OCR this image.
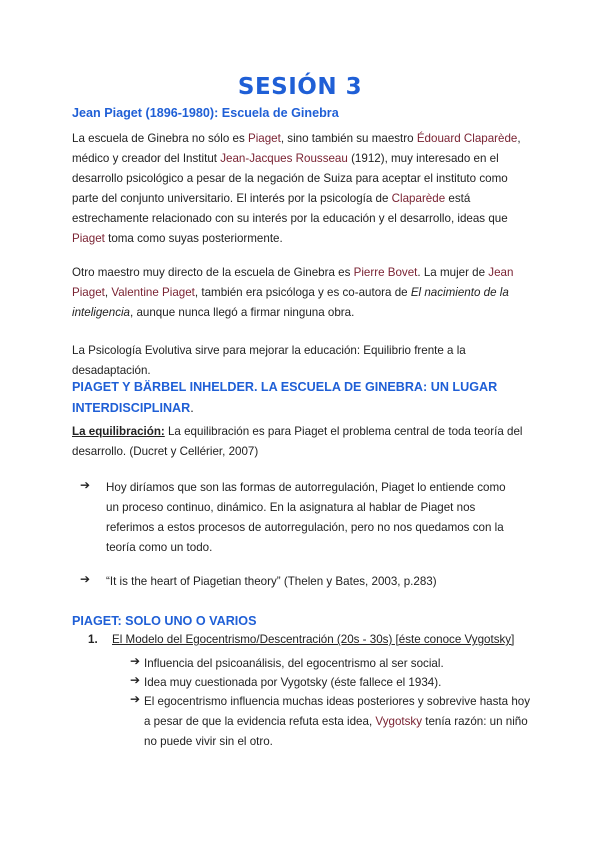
SESIÓN 3
Jean Piaget (1896-1980): Escuela de Ginebra

La escuela de Ginebra no sólo es Piaget, sino también su maestro Édouard Claparède, médico y creador del Institut Jean-Jacques Rousseau (1912), muy interesado en el desarrollo psicológico a pesar de la negación de Suiza para aceptar el instituto como parte del conjunto universitario. El interés por la psicología de Claparède está estrechamente relacionado con su interés por la educación y el desarrollo, ideas que Piaget toma como suyas posteriormente.

Otro maestro muy directo de la escuela de Ginebra es Pierre Bovet. La mujer de Jean Piaget, Valentine Piaget, también era psicóloga y es co-autora de El nacimiento de la inteligencia, aunque nunca llegó a firmar ninguna obra.

La Psicología Evolutiva sirve para mejorar la educación: Equilibrio frente a la desadaptación.

PIAGET Y BÄRBEL INHELDER. LA ESCUELA DE GINEBRA: UN LUGAR INTERDISCIPLINAR.

La equilibración: La equilibración es para Piaget el problema central de toda teoría del desarrollo. (Ducret y Cellérier, 2007)

➔ Hoy diríamos que son las formas de autorregulación, Piaget lo entiende como un proceso continuo, dinámico. En la asignatura al hablar de Piaget nos referimos a estos procesos de autorregulación, pero no nos quedamos con la teoría como un todo.
➔ “It is the heart of Piagetian theory” (Thelen y Bates, 2003, p.283)
PIAGET: SOLO UNO O VARIOS
1. El Modelo del Egocentrismo/Descentración (20s - 30s) [éste conoce Vygotsky]
➔ Influencia del psicoanálisis, del egocentrismo al ser social.
➔ Idea muy cuestionada por Vygotsky (éste fallece el 1934).
➔ El egocentrismo influencia muchas ideas posteriores y sobrevive hasta hoy a pesar de que la evidencia refuta esta idea, Vygotsky tenía razón: un niño no puede vivir sin el otro.
